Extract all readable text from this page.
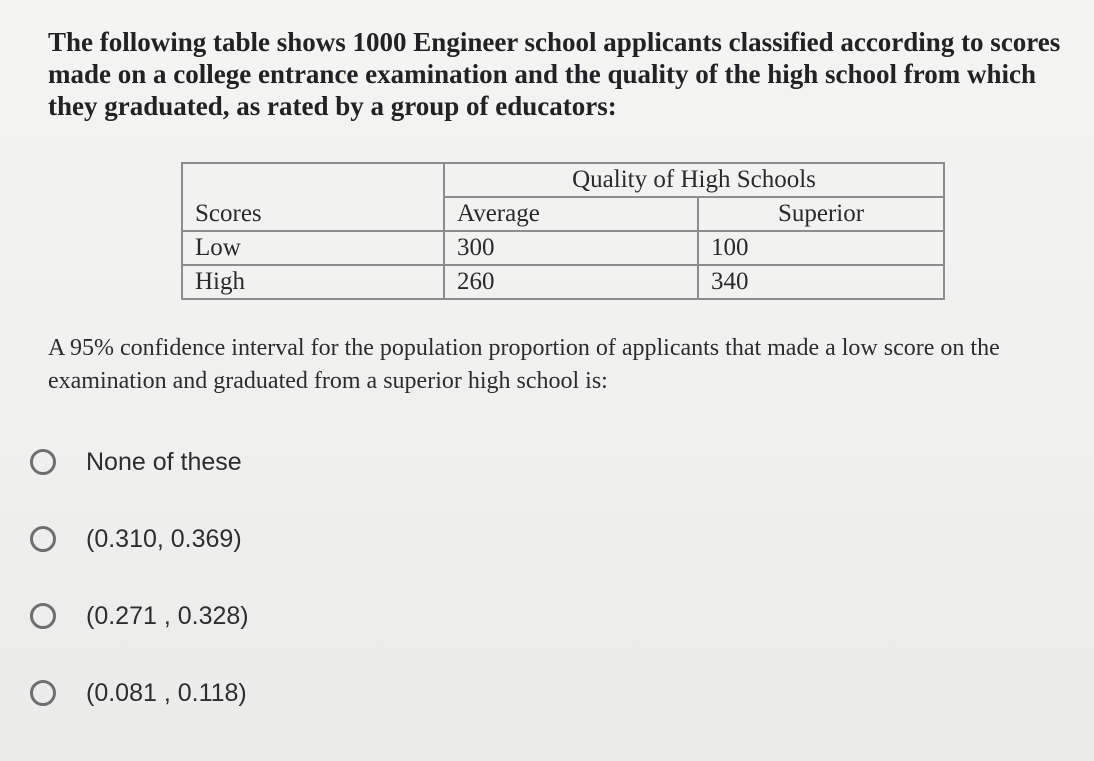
The following table shows 1000 Engineer school applicants classified according to scores made on a college entrance examination and the quality of the high school from which they graduated, as rated by a group of educators:

	Quality of High Schools	
Scores	Average	Superior
Low	300	100
High	260	340

A 95% confidence interval for the population proportion of applicants that made a low score on the examination and graduated from a superior high school is:

None of these
(0.310, 0.369)
(0.271 , 0.328)
(0.081 , 0.118)
